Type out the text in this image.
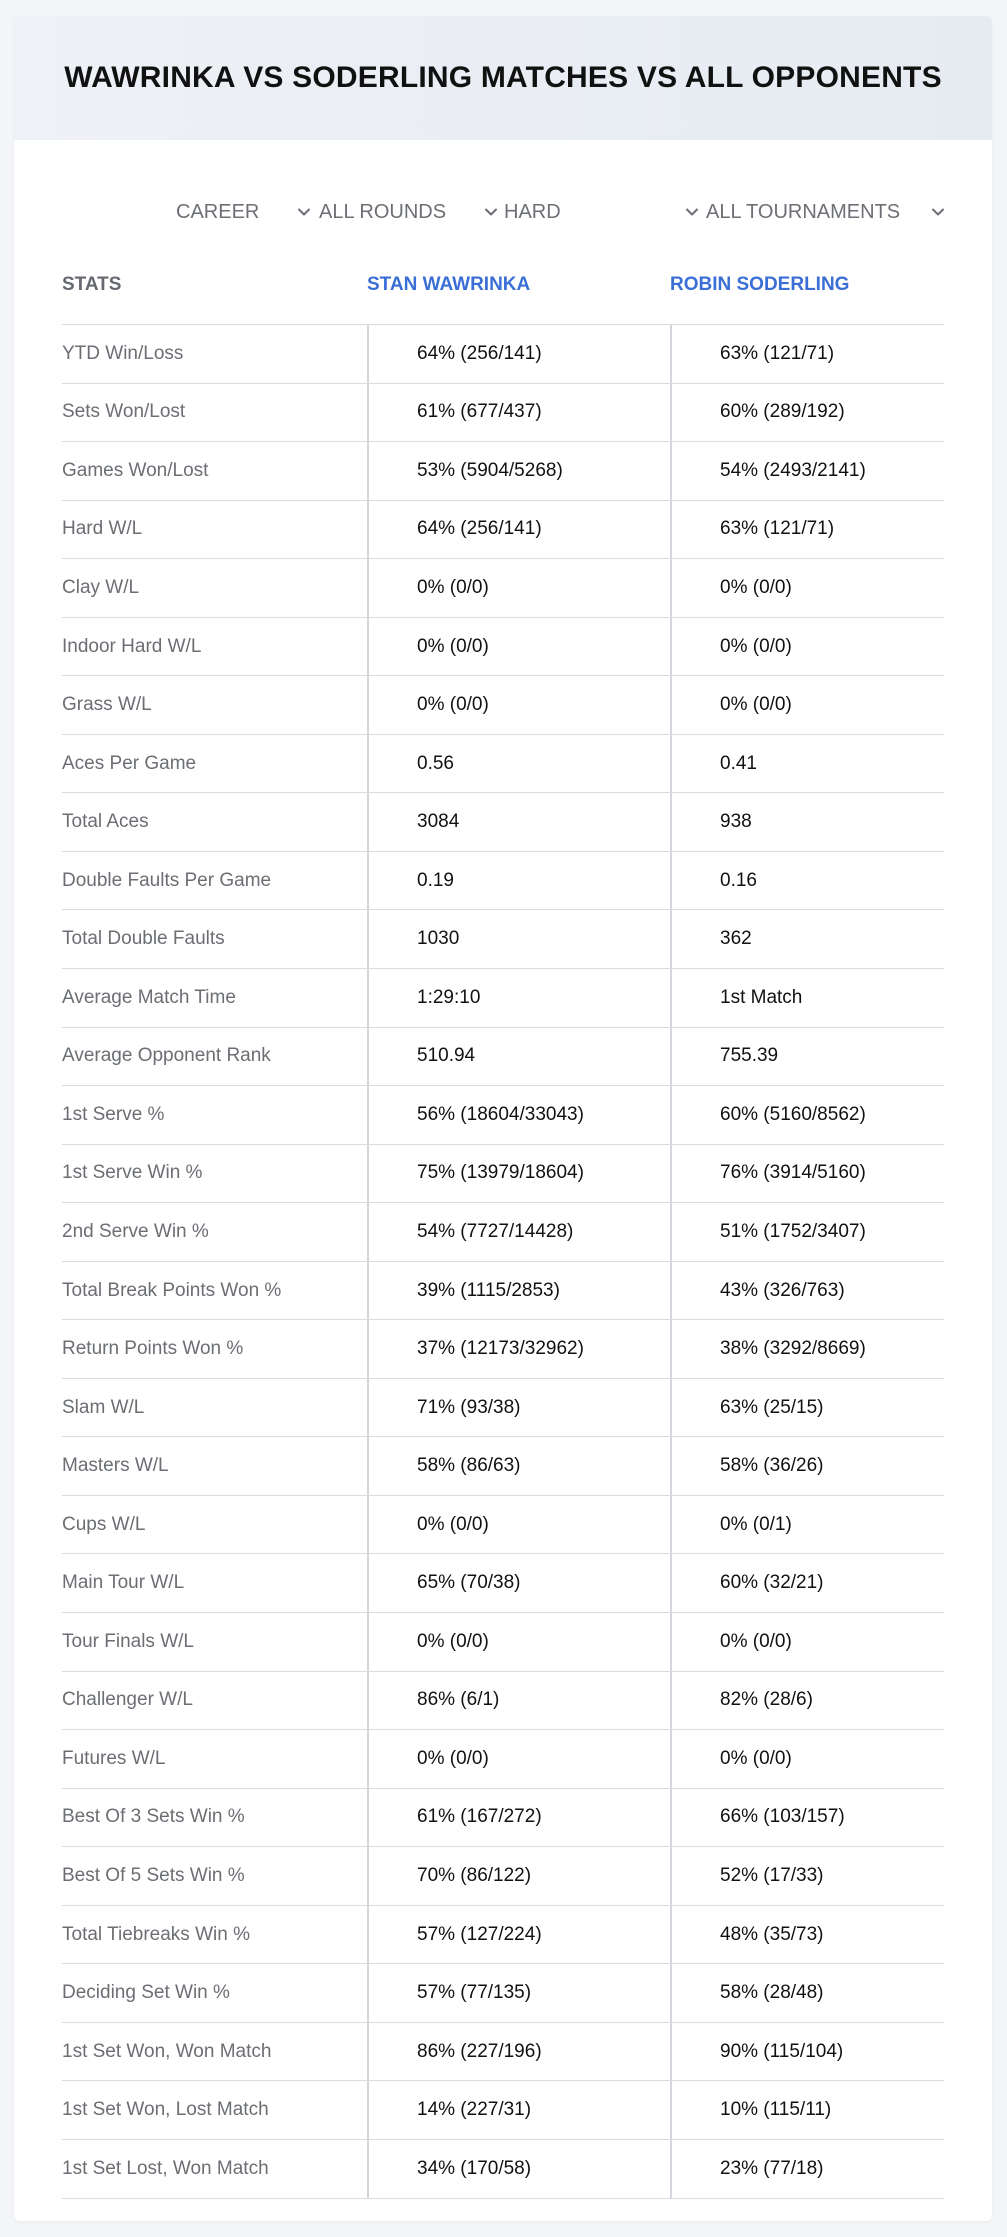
WAWRINKA VS SODERLING MATCHES VS ALL OPPONENTS
CAREER	ALL ROUNDS	HARD	ALL TOURNAMENTS
STATS	STAN WAWRINKA	ROBIN SODERLING
YTD Win/Loss	64% (256/141)	63% (121/71)
Sets Won/Lost	61% (677/437)	60% (289/192)
Games Won/Lost	53% (5904/5268)	54% (2493/2141)
Hard W/L	64% (256/141)	63% (121/71)
Clay W/L	0% (0/0)	0% (0/0)
Indoor Hard W/L	0% (0/0)	0% (0/0)
Grass W/L	0% (0/0)	0% (0/0)
Aces Per Game	0.56	0.41
Total Aces	3084	938
Double Faults Per Game	0.19	0.16
Total Double Faults	1030	362
Average Match Time	1:29:10	1st Match
Average Opponent Rank	510.94	755.39
1st Serve %	56% (18604/33043)	60% (5160/8562)
1st Serve Win %	75% (13979/18604)	76% (3914/5160)
2nd Serve Win %	54% (7727/14428)	51% (1752/3407)
Total Break Points Won %	39% (1115/2853)	43% (326/763)
Return Points Won %	37% (12173/32962)	38% (3292/8669)
Slam W/L	71% (93/38)	63% (25/15)
Masters W/L	58% (86/63)	58% (36/26)
Cups W/L	0% (0/0)	0% (0/1)
Main Tour W/L	65% (70/38)	60% (32/21)
Tour Finals W/L	0% (0/0)	0% (0/0)
Challenger W/L	86% (6/1)	82% (28/6)
Futures W/L	0% (0/0)	0% (0/0)
Best Of 3 Sets Win %	61% (167/272)	66% (103/157)
Best Of 5 Sets Win %	70% (86/122)	52% (17/33)
Total Tiebreaks Win %	57% (127/224)	48% (35/73)
Deciding Set Win %	57% (77/135)	58% (28/48)
1st Set Won, Won Match	86% (227/196)	90% (115/104)
1st Set Won, Lost Match	14% (227/31)	10% (115/11)
1st Set Lost, Won Match	34% (170/58)	23% (77/18)
